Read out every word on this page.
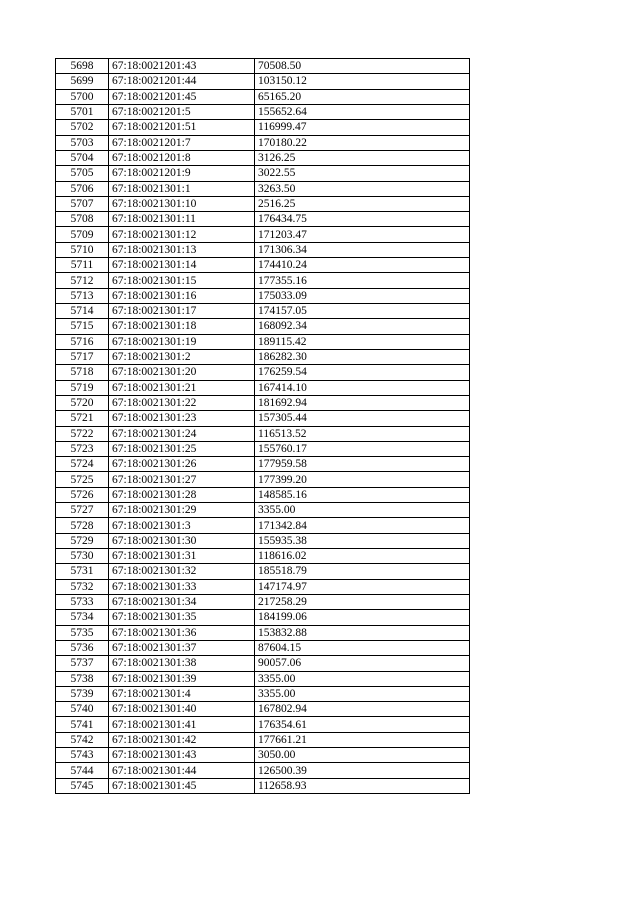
5698	67:18:0021201:43	70508.50
5699	67:18:0021201:44	103150.12
5700	67:18:0021201:45	65165.20
5701	67:18:0021201:5	155652.64
5702	67:18:0021201:51	116999.47
5703	67:18:0021201:7	170180.22
5704	67:18:0021201:8	3126.25
5705	67:18:0021201:9	3022.55
5706	67:18:0021301:1	3263.50
5707	67:18:0021301:10	2516.25
5708	67:18:0021301:11	176434.75
5709	67:18:0021301:12	171203.47
5710	67:18:0021301:13	171306.34
5711	67:18:0021301:14	174410.24
5712	67:18:0021301:15	177355.16
5713	67:18:0021301:16	175033.09
5714	67:18:0021301:17	174157.05
5715	67:18:0021301:18	168092.34
5716	67:18:0021301:19	189115.42
5717	67:18:0021301:2	186282.30
5718	67:18:0021301:20	176259.54
5719	67:18:0021301:21	167414.10
5720	67:18:0021301:22	181692.94
5721	67:18:0021301:23	157305.44
5722	67:18:0021301:24	116513.52
5723	67:18:0021301:25	155760.17
5724	67:18:0021301:26	177959.58
5725	67:18:0021301:27	177399.20
5726	67:18:0021301:28	148585.16
5727	67:18:0021301:29	3355.00
5728	67:18:0021301:3	171342.84
5729	67:18:0021301:30	155935.38
5730	67:18:0021301:31	118616.02
5731	67:18:0021301:32	185518.79
5732	67:18:0021301:33	147174.97
5733	67:18:0021301:34	217258.29
5734	67:18:0021301:35	184199.06
5735	67:18:0021301:36	153832.88
5736	67:18:0021301:37	87604.15
5737	67:18:0021301:38	90057.06
5738	67:18:0021301:39	3355.00
5739	67:18:0021301:4	3355.00
5740	67:18:0021301:40	167802.94
5741	67:18:0021301:41	176354.61
5742	67:18:0021301:42	177661.21
5743	67:18:0021301:43	3050.00
5744	67:18:0021301:44	126500.39
5745	67:18:0021301:45	112658.93
